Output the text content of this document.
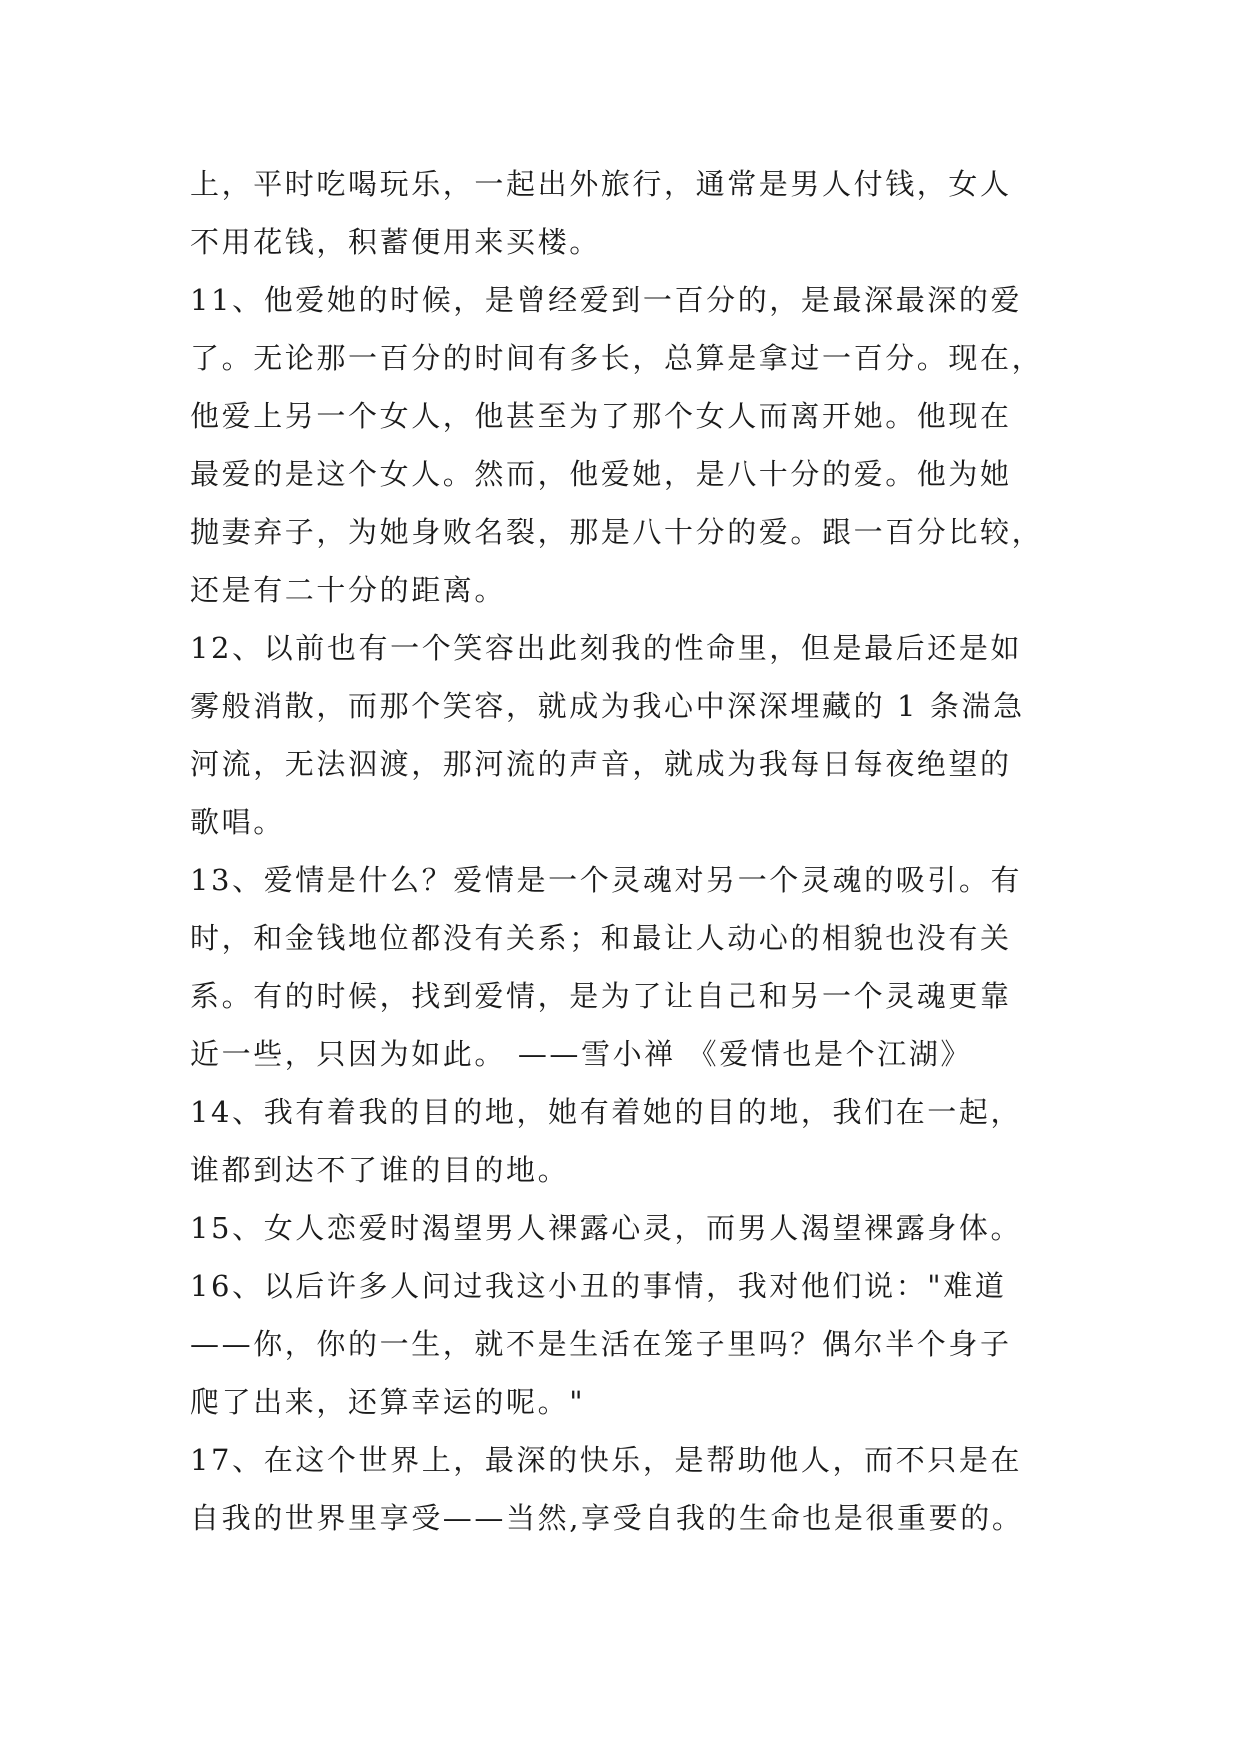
上，平时吃喝玩乐，一起出外旅行，通常是男人付钱，女人
不用花钱，积蓄便用来买楼。
11、他爱她的时候，是曾经爱到一百分的，是最深最深的爱
了。无论那一百分的时间有多长，总算是拿过一百分。现在，
他爱上另一个女人，他甚至为了那个女人而离开她。他现在
最爱的是这个女人。然而，他爱她，是八十分的爱。他为她
抛妻弃子，为她身败名裂，那是八十分的爱。跟一百分比较，
还是有二十分的距离。
12、以前也有一个笑容出此刻我的性命里，但是最后还是如
雾般消散，而那个笑容，就成为我心中深深埋藏的 1 条湍急
河流，无法泅渡，那河流的声音，就成为我每日每夜绝望的
歌唱。
13、爱情是什么？爱情是一个灵魂对另一个灵魂的吸引。有
时，和金钱地位都没有关系；和最让人动心的相貌也没有关
系。有的时候，找到爱情，是为了让自己和另一个灵魂更靠
近一些，只因为如此。 ——雪小禅 《爱情也是个江湖》
14、我有着我的目的地，她有着她的目的地，我们在一起，
谁都到达不了谁的目的地。
15、女人恋爱时渴望男人裸露心灵，而男人渴望裸露身体。
16、以后许多人问过我这小丑的事情，我对他们说："难道
——你，你的一生，就不是生活在笼子里吗？偶尔半个身子
爬了出来，还算幸运的呢。"
17、在这个世界上，最深的快乐，是帮助他人，而不只是在
自我的世界里享受——当然,享受自我的生命也是很重要的。
